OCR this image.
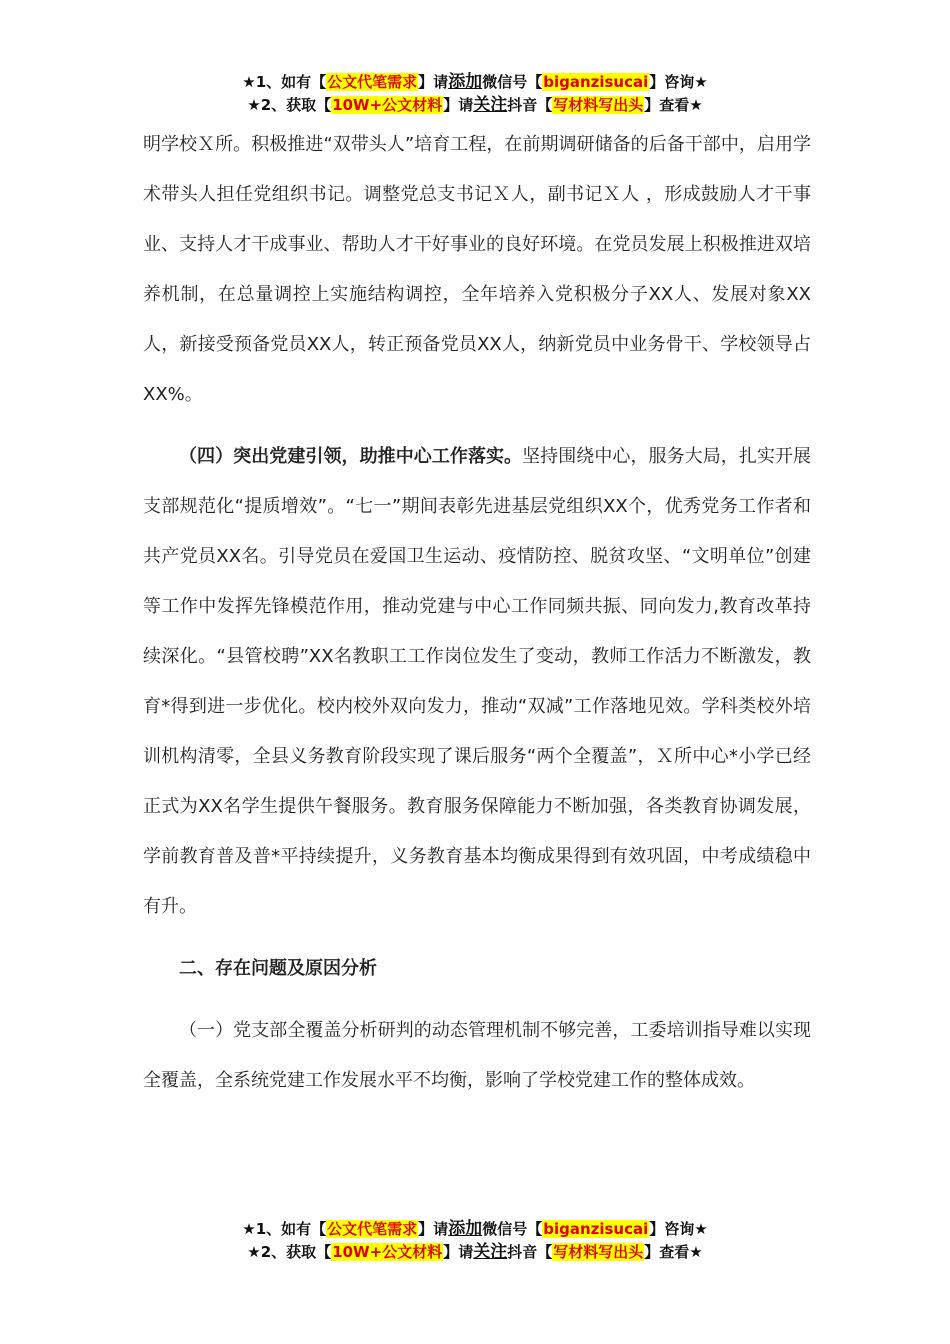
★1、如有【公文代笔需求】请添加微信号【biganzisucai】咨询★
★2、获取【10W+公文材料】请关注抖音【写材料写出头】查看★

明学校Ｘ所。积极推进“双带头人”培育工程，在前期调研储备的后备干部中，启用学术带头人担任党组织书记。调整党总支书记Ｘ人，副书记Ｘ人 ，形成鼓励人才干事业、支持人才干成事业、帮助人才干好事业的良好环境。在党员发展上积极推进双培养机制，在总量调控上实施结构调控，全年培养入党积极分子XX人、发展对象XX人，新接受预备党员XX人，转正预备党员XX人，纳新党员中业务骨干、学校领导占XX%。

（四）突出党建引领，助推中心工作落实。坚持围绕中心，服务大局，扎实开展支部规范化“提质增效”。“七一”期间表彰先进基层党组织XX个，优秀党务工作者和共产党员XX名。引导党员在爱国卫生运动、疫情防控、脱贫攻坚、“文明单位”创建等工作中发挥先锋模范作用，推动党建与中心工作同频共振、同向发力,教育改革持续深化。“县管校聘”XX名教职工工作岗位发生了变动，教师工作活力不断激发，教育*得到进一步优化。校内校外双向发力，推动“双减”工作落地见效。学科类校外培训机构清零，全县义务教育阶段实现了课后服务“两个全覆盖”，Ｘ所中心*小学已经正式为XX名学生提供午餐服务。教育服务保障能力不断加强，各类教育协调发展，学前教育普及普*平持续提升，义务教育基本均衡成果得到有效巩固，中考成绩稳中有升。

二、存在问题及原因分析

（一）党支部全覆盖分析研判的动态管理机制不够完善，工委培训指导难以实现全覆盖，全系统党建工作发展水平不均衡，影响了学校党建工作的整体成效。

★1、如有【公文代笔需求】请添加微信号【biganzisucai】咨询★
★2、获取【10W+公文材料】请关注抖音【写材料写出头】查看★
